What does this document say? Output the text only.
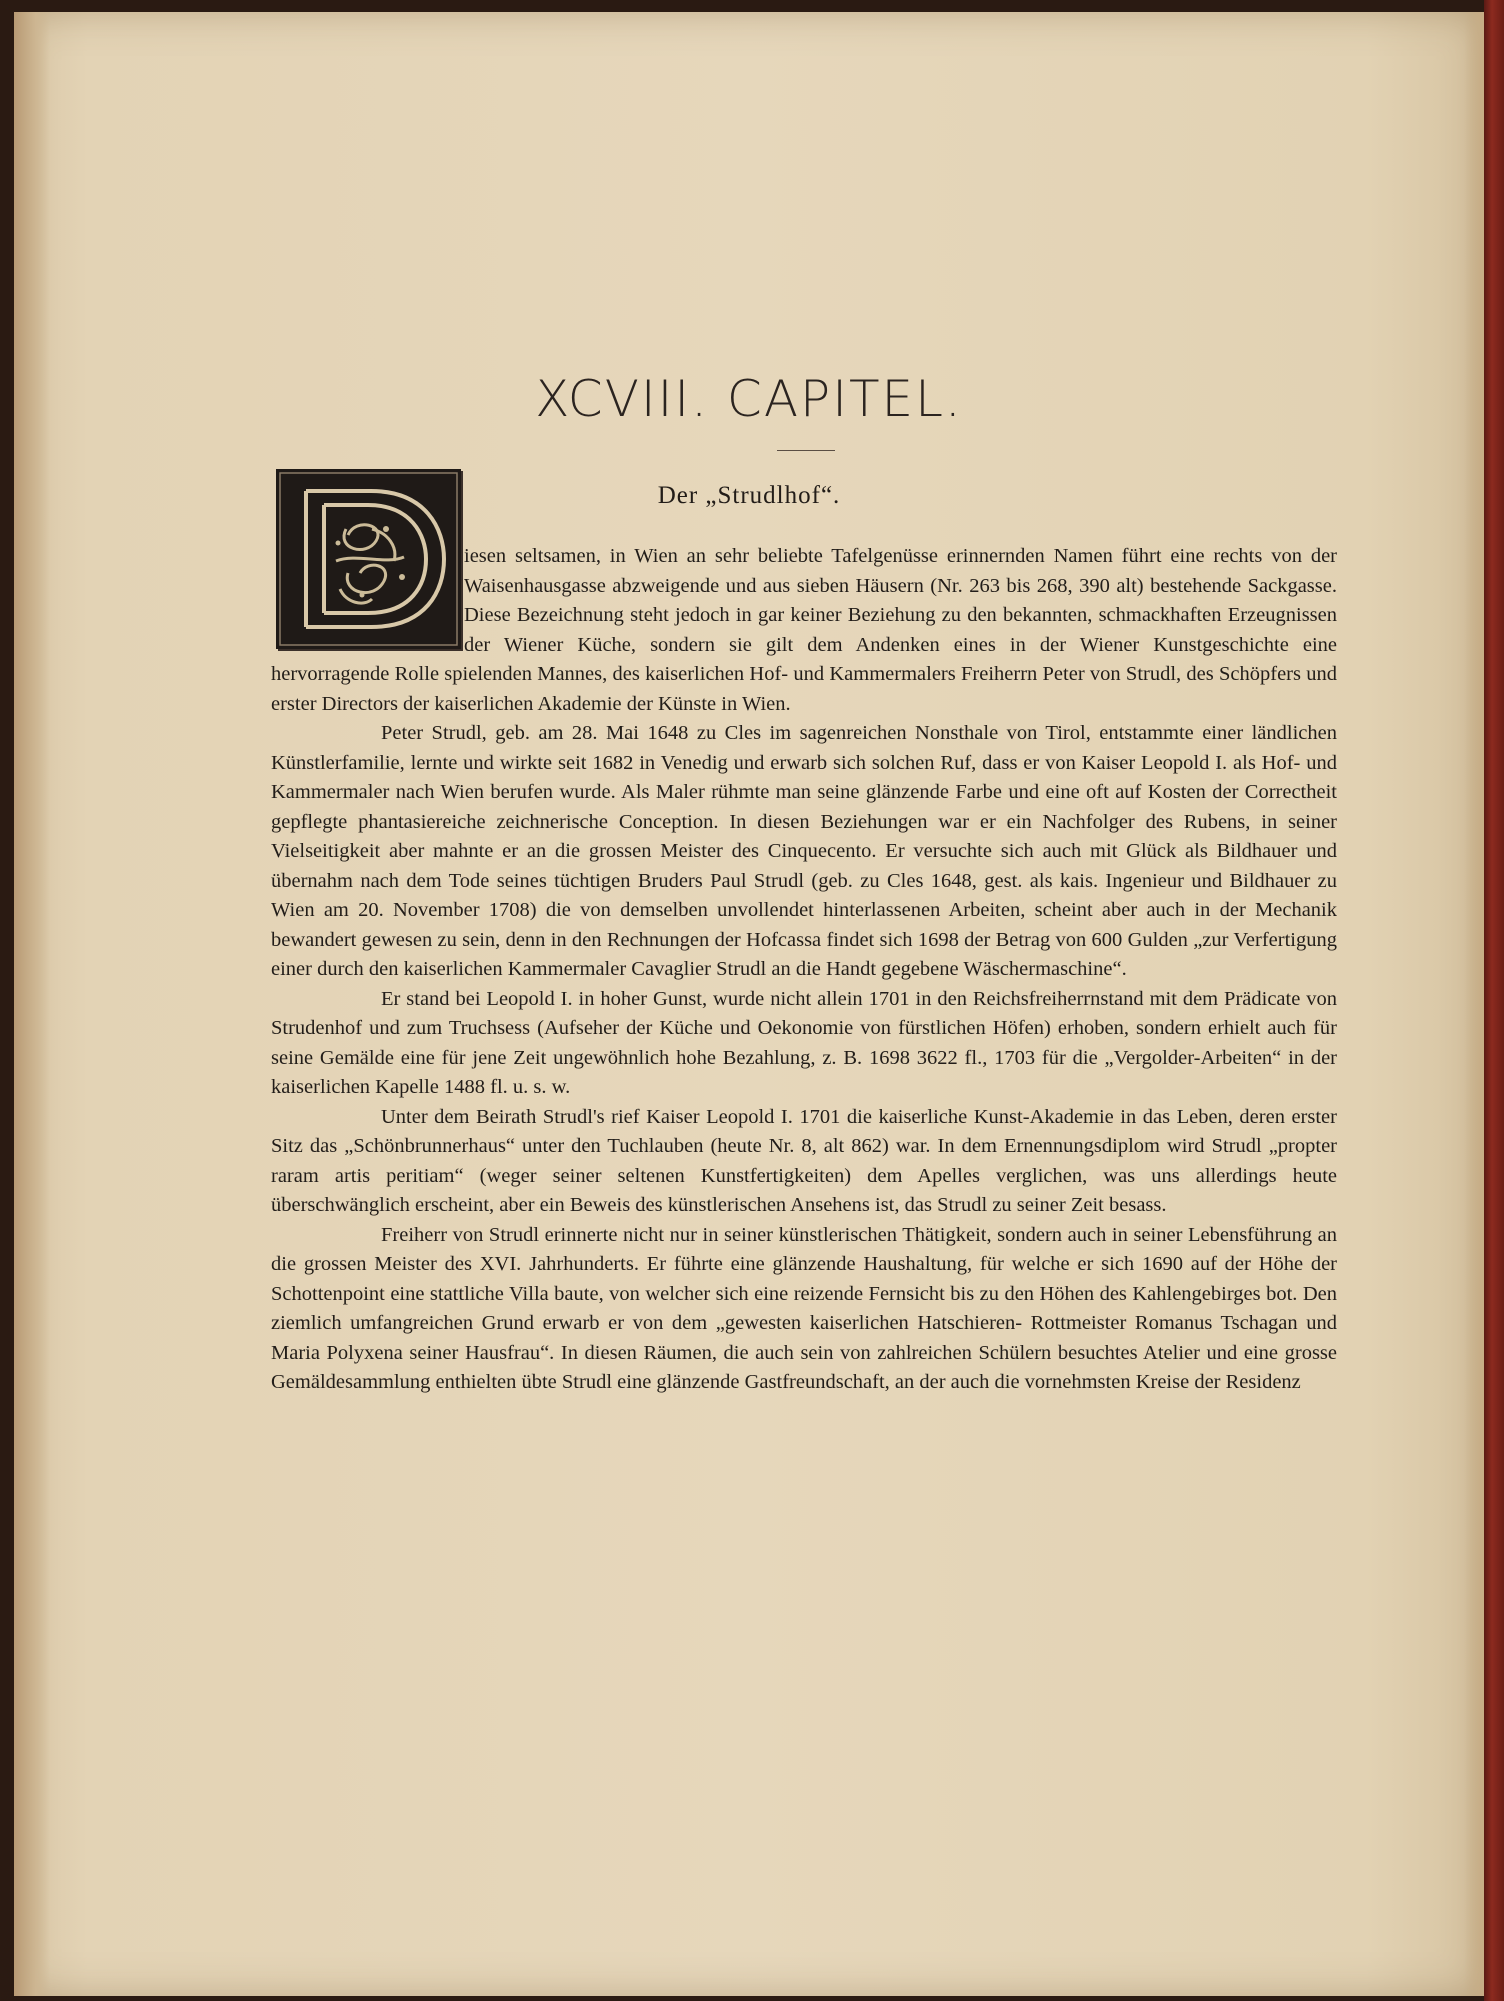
XCVIII. CAPITEL.
Der „Strudlhof“.

iesen seltsamen, in Wien an sehr beliebte Tafelgenüsse erinnernden Namen führt eine rechts von der Waisenhausgasse abzweigende und aus sieben Häusern (Nr. 263 bis 268, 390 alt) bestehende Sackgasse. Diese Bezeichnung steht jedoch in gar keiner Beziehung zu den bekannten, schmackhaften Erzeugnissen der Wiener Küche, sondern sie gilt dem Andenken eines in der Wiener Kunstgeschichte eine hervorragende Rolle spielenden Mannes, des kaiserlichen Hof- und Kammermalers Freiherrn Peter von Strudl, des Schöpfers und erster Directors der kaiserlichen Akademie der Künste in Wien.

Peter Strudl, geb. am 28. Mai 1648 zu Cles im sagenreichen Nonsthale von Tirol, entstammte einer ländlichen Künstlerfamilie, lernte und wirkte seit 1682 in Venedig und erwarb sich solchen Ruf, dass er von Kaiser Leopold I. als Hof- und Kammermaler nach Wien berufen wurde. Als Maler rühmte man seine glänzende Farbe und eine oft auf Kosten der Correctheit gepflegte phantasiereiche zeichnerische Conception. In diesen Beziehungen war er ein Nachfolger des Rubens, in seiner Vielseitigkeit aber mahnte er an die grossen Meister des Cinquecento. Er versuchte sich auch mit Glück als Bildhauer und übernahm nach dem Tode seines tüchtigen Bruders Paul Strudl (geb. zu Cles 1648, gest. als kais. Ingenieur und Bildhauer zu Wien am 20. November 1708) die von demselben unvollendet hinterlassenen Arbeiten, scheint aber auch in der Mechanik bewandert gewesen zu sein, denn in den Rechnungen der Hofcassa findet sich 1698 der Betrag von 600 Gulden „zur Verfertigung einer durch den kaiserlichen Kammermaler Cavaglier Strudl an die Handt gegebene Wäschermaschine“.

Er stand bei Leopold I. in hoher Gunst, wurde nicht allein 1701 in den Reichsfreiherrnstand mit dem Prädicate von Strudenhof und zum Truchsess (Aufseher der Küche und Oekonomie von fürstlichen Höfen) erhoben, sondern erhielt auch für seine Gemälde eine für jene Zeit ungewöhnlich hohe Bezahlung, z. B. 1698 3622 fl., 1703 für die „Vergolder-Arbeiten“ in der kaiserlichen Kapelle 1488 fl. u. s. w.

Unter dem Beirath Strudl's rief Kaiser Leopold I. 1701 die kaiserliche Kunst-Akademie in das Leben, deren erster Sitz das „Schönbrunnerhaus“ unter den Tuchlauben (heute Nr. 8, alt 862) war. In dem Ernennungsdiplom wird Strudl „propter raram artis peritiam“ (weger seiner seltenen Kunstfertigkeiten) dem Apelles verglichen, was uns allerdings heute überschwänglich erscheint, aber ein Beweis des künstlerischen Ansehens ist, das Strudl zu seiner Zeit besass.

Freiherr von Strudl erinnerte nicht nur in seiner künstlerischen Thätigkeit, sondern auch in seiner Lebensführung an die grossen Meister des XVI. Jahrhunderts. Er führte eine glänzende Haushaltung, für welche er sich 1690 auf der Höhe der Schottenpoint eine stattliche Villa baute, von welcher sich eine reizende Fernsicht bis zu den Höhen des Kahlengebirges bot. Den ziemlich umfangreichen Grund erwarb er von dem „gewesten kaiserlichen Hatschieren- Rottmeister Romanus Tschagan und Maria Polyxena seiner Hausfrau“. In diesen Räumen, die auch sein von zahlreichen Schülern besuchtes Atelier und eine grosse Gemäldesammlung enthielten übte Strudl eine glänzende Gastfreundschaft, an der auch die vornehmsten Kreise der Residenz
